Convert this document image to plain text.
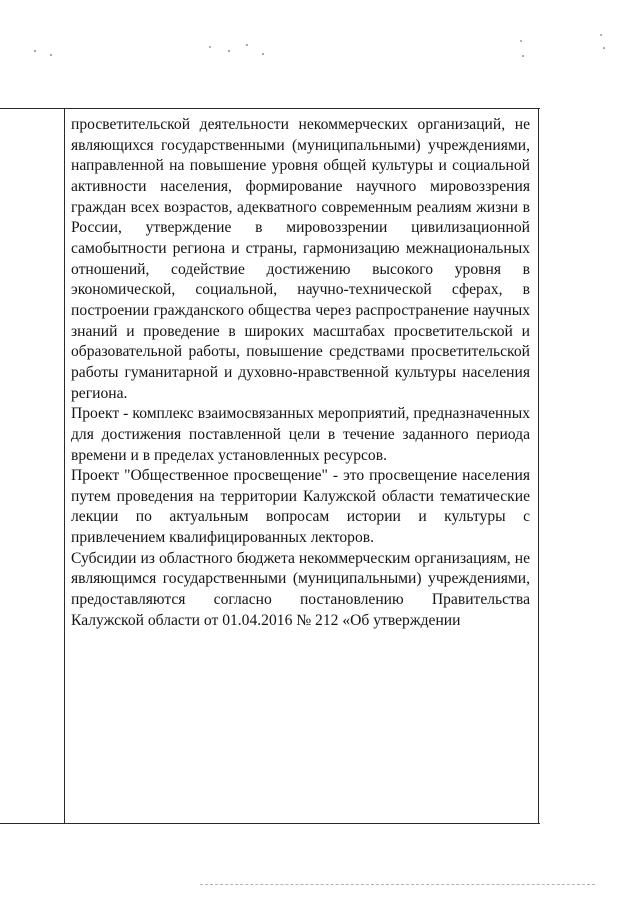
просветительской деятельности некоммерческих организаций, не являющихся государственными (муниципальными) учреждениями, направленной на повышение уровня общей культуры и социальной активности населения, формирование научного мировоззрения граждан всех возрастов, адекватного современным реалиям жизни в России, утверждение в мировоззрении цивилизационной самобытности региона и страны, гармонизацию межнациональных отношений, содействие достижению высокого уровня в экономической, социальной, научно-технической сферах, в построении гражданского общества через распространение научных знаний и проведение в широких масштабах просветительской и образовательной работы, повышение средствами просветительской работы гуманитарной и духовно-нравственной культуры населения региона.

Проект - комплекс взаимосвязанных мероприятий, предназначенных для достижения поставленной цели в течение заданного периода времени и в пределах установленных ресурсов.

Проект "Общественное просвещение" - это просвещение населения путем проведения на территории Калужской области тематические лекции по актуальным вопросам истории и культуры с привлечением квалифицированных лекторов.

Субсидии из областного бюджета некоммерческим организациям, не являющимся государственными (муниципальными) учреждениями, предоставляются согласно постановлению Правительства Калужской области от 01.04.2016 № 212 «Об утверждении
